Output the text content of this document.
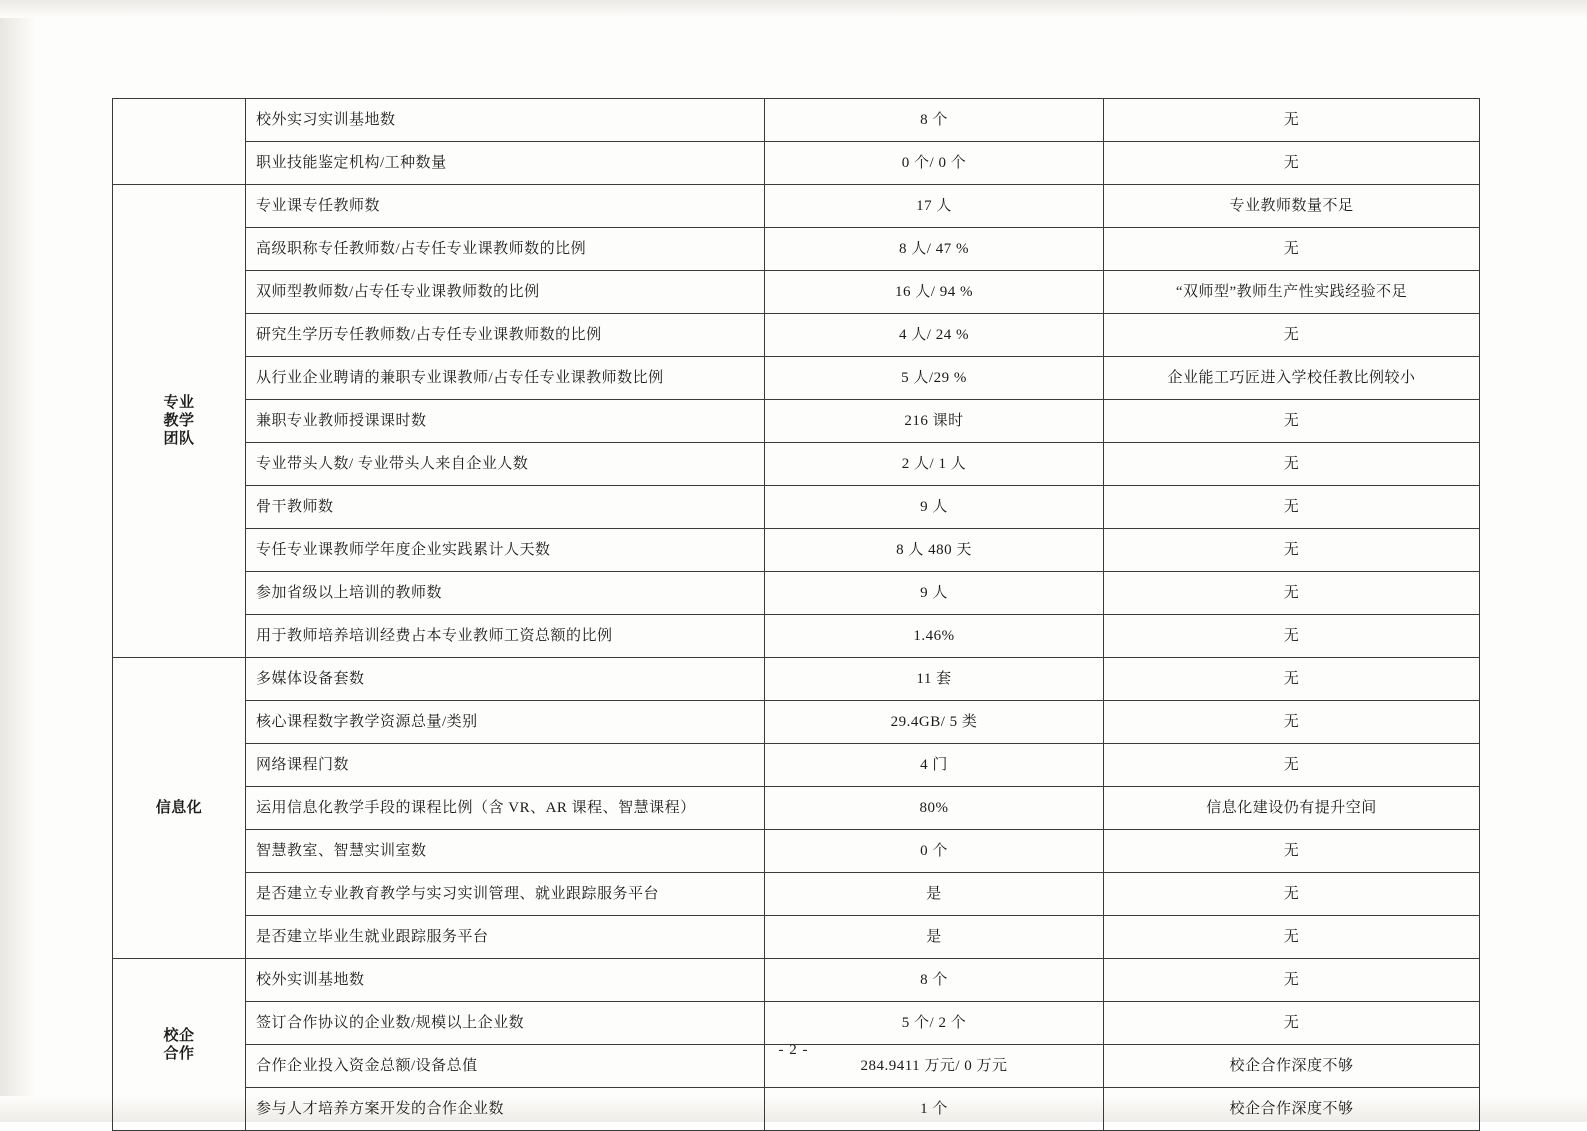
	校外实习实训基地数	8 个	无
	职业技能鉴定机构/工种数量	0 个/ 0 个	无
专业
教学
团队	专业课专任教师数	17 人	专业教师数量不足
	高级职称专任教师数/占专任专业课教师数的比例	8 人/ 47 %	无
	双师型教师数/占专任专业课教师数的比例	16 人/ 94 %	“双师型”教师生产性实践经验不足
	研究生学历专任教师数/占专任专业课教师数的比例	4 人/ 24 %	无
	从行业企业聘请的兼职专业课教师/占专任专业课教师数比例	5 人/29 %	企业能工巧匠进入学校任教比例较小
	兼职专业教师授课课时数	216 课时	无
	专业带头人数/ 专业带头人来自企业人数	2 人/ 1 人	无
	骨干教师数	9 人	无
	专任专业课教师学年度企业实践累计人天数	8 人 480 天	无
	参加省级以上培训的教师数	9 人	无
	用于教师培养培训经费占本专业教师工资总额的比例	1.46%	无
信息化	多媒体设备套数	11 套	无
	核心课程数字教学资源总量/类别	29.4GB/ 5 类	无
	网络课程门数	4 门	无
	运用信息化教学手段的课程比例（含 VR、AR 课程、智慧课程）	80%	信息化建设仍有提升空间
	智慧教室、智慧实训室数	0 个	无
	是否建立专业教育教学与实习实训管理、就业跟踪服务平台	是	无
	是否建立毕业生就业跟踪服务平台	是	无
校企
合作	校外实训基地数	8 个	无
	签订合作协议的企业数/规模以上企业数	5 个/ 2 个	无
	合作企业投入资金总额/设备总值	284.9411 万元/ 0 万元	校企合作深度不够
	参与人才培养方案开发的合作企业数	1 个	校企合作深度不够
- 2 -
